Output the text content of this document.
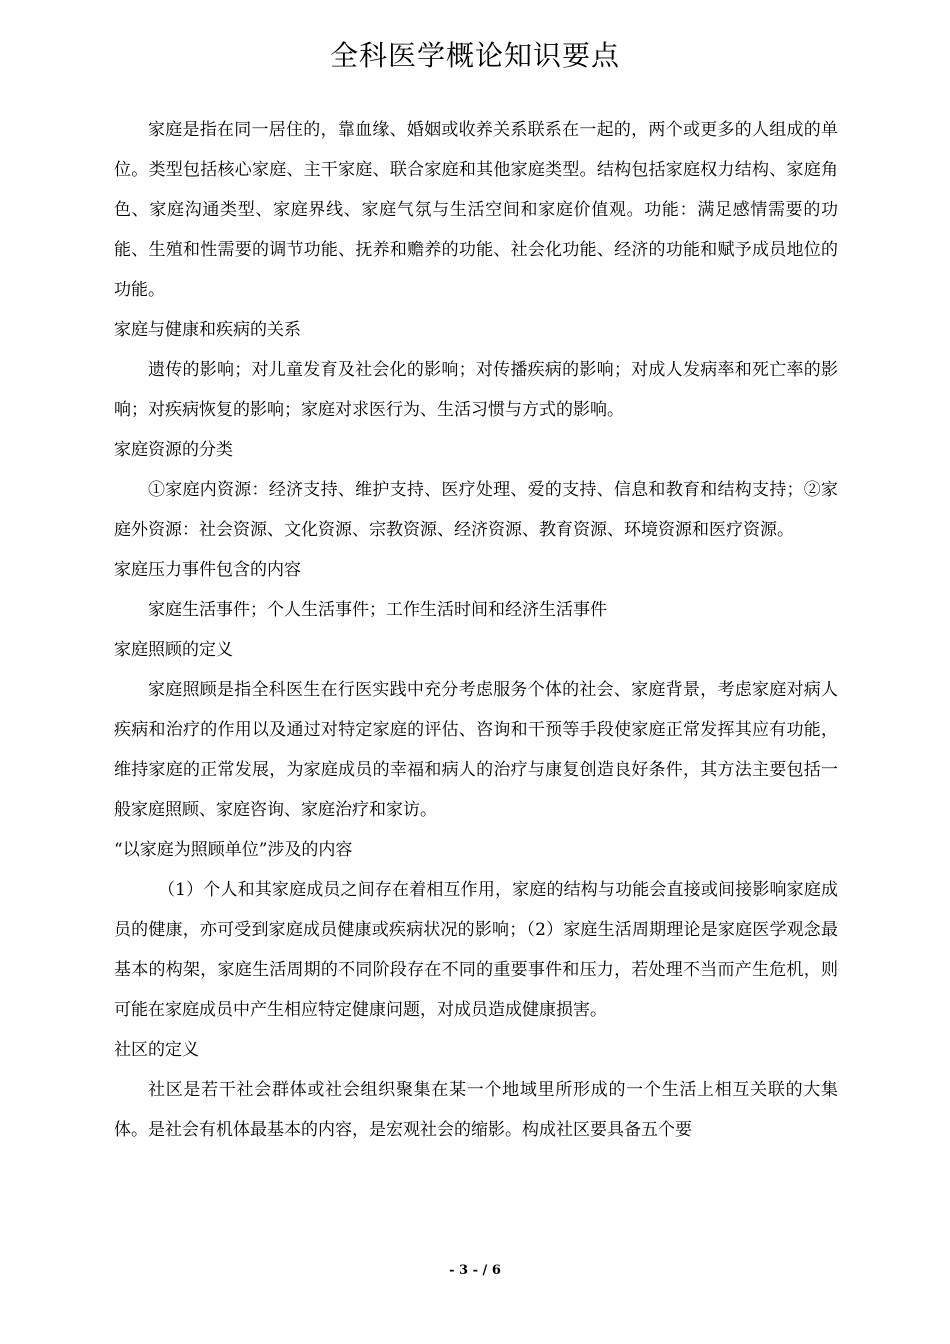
全科医学概论知识要点

家庭是指在同一居住的，靠血缘、婚姻或收养关系联系在一起的，两个或更多的人组成的单位。类型包括核心家庭、主干家庭、联合家庭和其他家庭类型。结构包括家庭权力结构、家庭角色、家庭沟通类型、家庭界线、家庭气氛与生活空间和家庭价值观。功能：满足感情需要的功能、生殖和性需要的调节功能、抚养和赡养的功能、社会化功能、经济的功能和赋予成员地位的功能。

家庭与健康和疾病的关系

遗传的影响；对儿童发育及社会化的影响；对传播疾病的影响；对成人发病率和死亡率的影响；对疾病恢复的影响；家庭对求医行为、生活习惯与方式的影响。

家庭资源的分类

①家庭内资源：经济支持、维护支持、医疗处理、爱的支持、信息和教育和结构支持；②家庭外资源：社会资源、文化资源、宗教资源、经济资源、教育资源、环境资源和医疗资源。

家庭压力事件包含的内容

家庭生活事件；个人生活事件；工作生活时间和经济生活事件

家庭照顾的定义

家庭照顾是指全科医生在行医实践中充分考虑服务个体的社会、家庭背景，考虑家庭对病人疾病和治疗的作用以及通过对特定家庭的评估、咨询和干预等手段使家庭正常发挥其应有功能，维持家庭的正常发展，为家庭成员的幸福和病人的治疗与康复创造良好条件，其方法主要包括一般家庭照顾、家庭咨询、家庭治疗和家访。

“以家庭为照顾单位”涉及的内容

（1）个人和其家庭成员之间存在着相互作用，家庭的结构与功能会直接或间接影响家庭成员的健康，亦可受到家庭成员健康或疾病状况的影响；（2）家庭生活周期理论是家庭医学观念最基本的构架，家庭生活周期的不同阶段存在不同的重要事件和压力，若处理不当而产生危机，则可能在家庭成员中产生相应特定健康问题，对成员造成健康损害。

社区的定义

社区是若干社会群体或社会组织聚集在某一个地域里所形成的一个生活上相互关联的大集体。是社会有机体最基本的内容，是宏观社会的缩影。构成社区要具备五个要

- 3 - / 6
